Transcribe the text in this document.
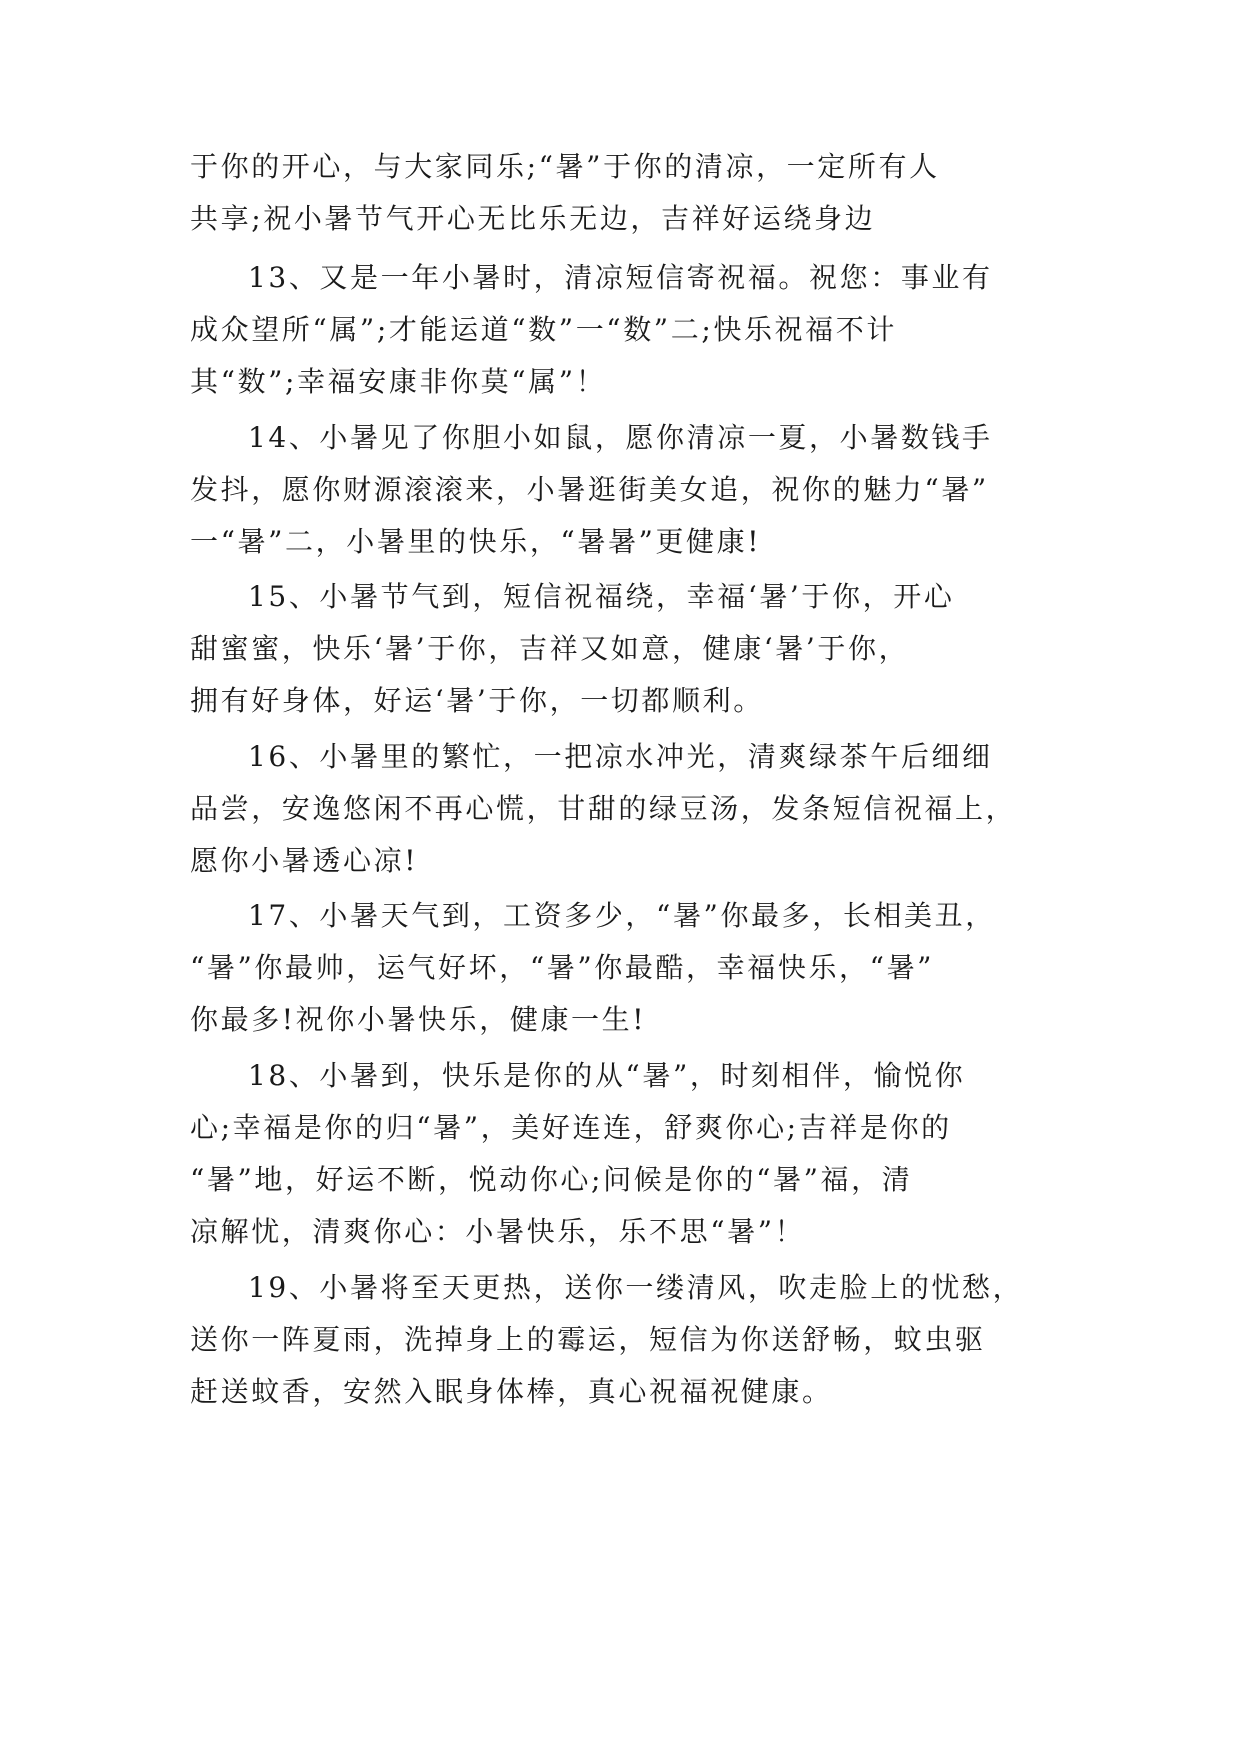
于你的开心，与大家同乐;“暑”于你的清凉，一定所有人

共享;祝小暑节气开心无比乐无边，吉祥好运绕身边

13、又是一年小暑时，清凉短信寄祝福。祝您：事业有

成众望所“属”;才能运道“数”一“数”二;快乐祝福不计

其“数”;幸福安康非你莫“属”！

14、小暑见了你胆小如鼠，愿你清凉一夏，小暑数钱手

发抖，愿你财源滚滚来，小暑逛街美女追，祝你的魅力“暑”

一“暑”二，小暑里的快乐，“暑暑”更健康!

15、小暑节气到，短信祝福绕，幸福‘暑’于你，开心

甜蜜蜜，快乐‘暑’于你，吉祥又如意，健康‘暑’于你，

拥有好身体，好运‘暑’于你，一切都顺利。

16、小暑里的繁忙，一把凉水冲光，清爽绿茶午后细细

品尝，安逸悠闲不再心慌，甘甜的绿豆汤，发条短信祝福上，

愿你小暑透心凉!

17、小暑天气到，工资多少，“暑”你最多，长相美丑，

“暑”你最帅，运气好坏，“暑”你最酷，幸福快乐，“暑”

你最多!祝你小暑快乐，健康一生!

18、小暑到，快乐是你的从“暑”，时刻相伴，愉悦你

心;幸福是你的归“暑”，美好连连，舒爽你心;吉祥是你的

“暑”地，好运不断，悦动你心;问候是你的“暑”福，清

凉解忧，清爽你心：小暑快乐，乐不思“暑”！

19、小暑将至天更热，送你一缕清风，吹走脸上的忧愁，

送你一阵夏雨，洗掉身上的霉运，短信为你送舒畅，蚊虫驱

赶送蚊香，安然入眠身体棒，真心祝福祝健康。
